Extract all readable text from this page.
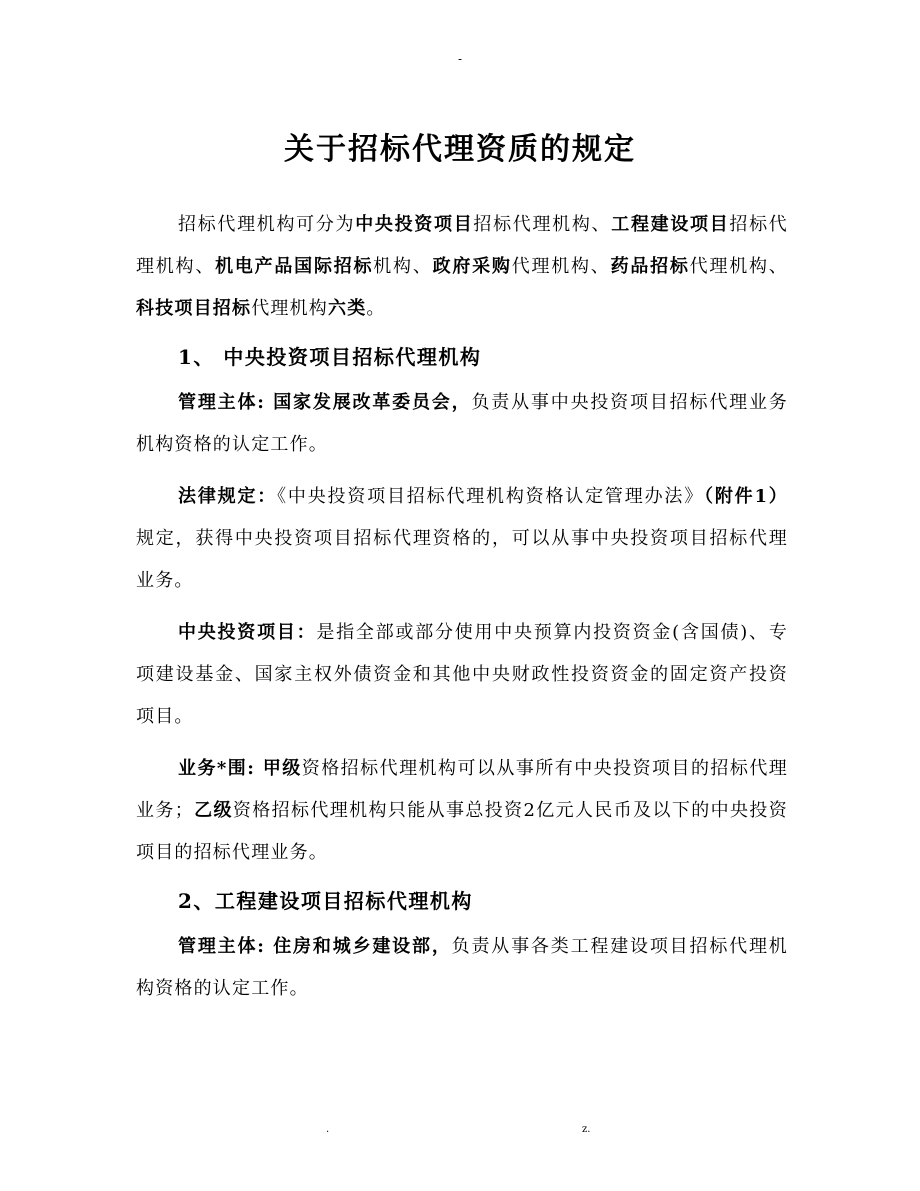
-
关于招标代理资质的规定

招标代理机构可分为中央投资项目招标代理机构、工程建设项目招标代理机构、机电产品国际招标机构、政府采购代理机构、药品招标代理机构、科技项目招标代理机构六类。

1、 中央投资项目招标代理机构

管理主体: 国家发展改革委员会，负责从事中央投资项目招标代理业务机构资格的认定工作。

法律规定：《中央投资项目招标代理机构资格认定管理办法》（附件1）规定，获得中央投资项目招标代理资格的，可以从事中央投资项目招标代理业务。

中央投资项目：是指全部或部分使用中央预算内投资资金(含国债)、专项建设基金、国家主权外债资金和其他中央财政性投资资金的固定资产投资项目。

业务*围: 甲级资格招标代理机构可以从事所有中央投资项目的招标代理业务；乙级资格招标代理机构只能从事总投资2亿元人民币及以下的中央投资项目的招标代理业务。

2、工程建设项目招标代理机构

管理主体: 住房和城乡建设部，负责从事各类工程建设项目招标代理机构资格的认定工作。

.	z.
